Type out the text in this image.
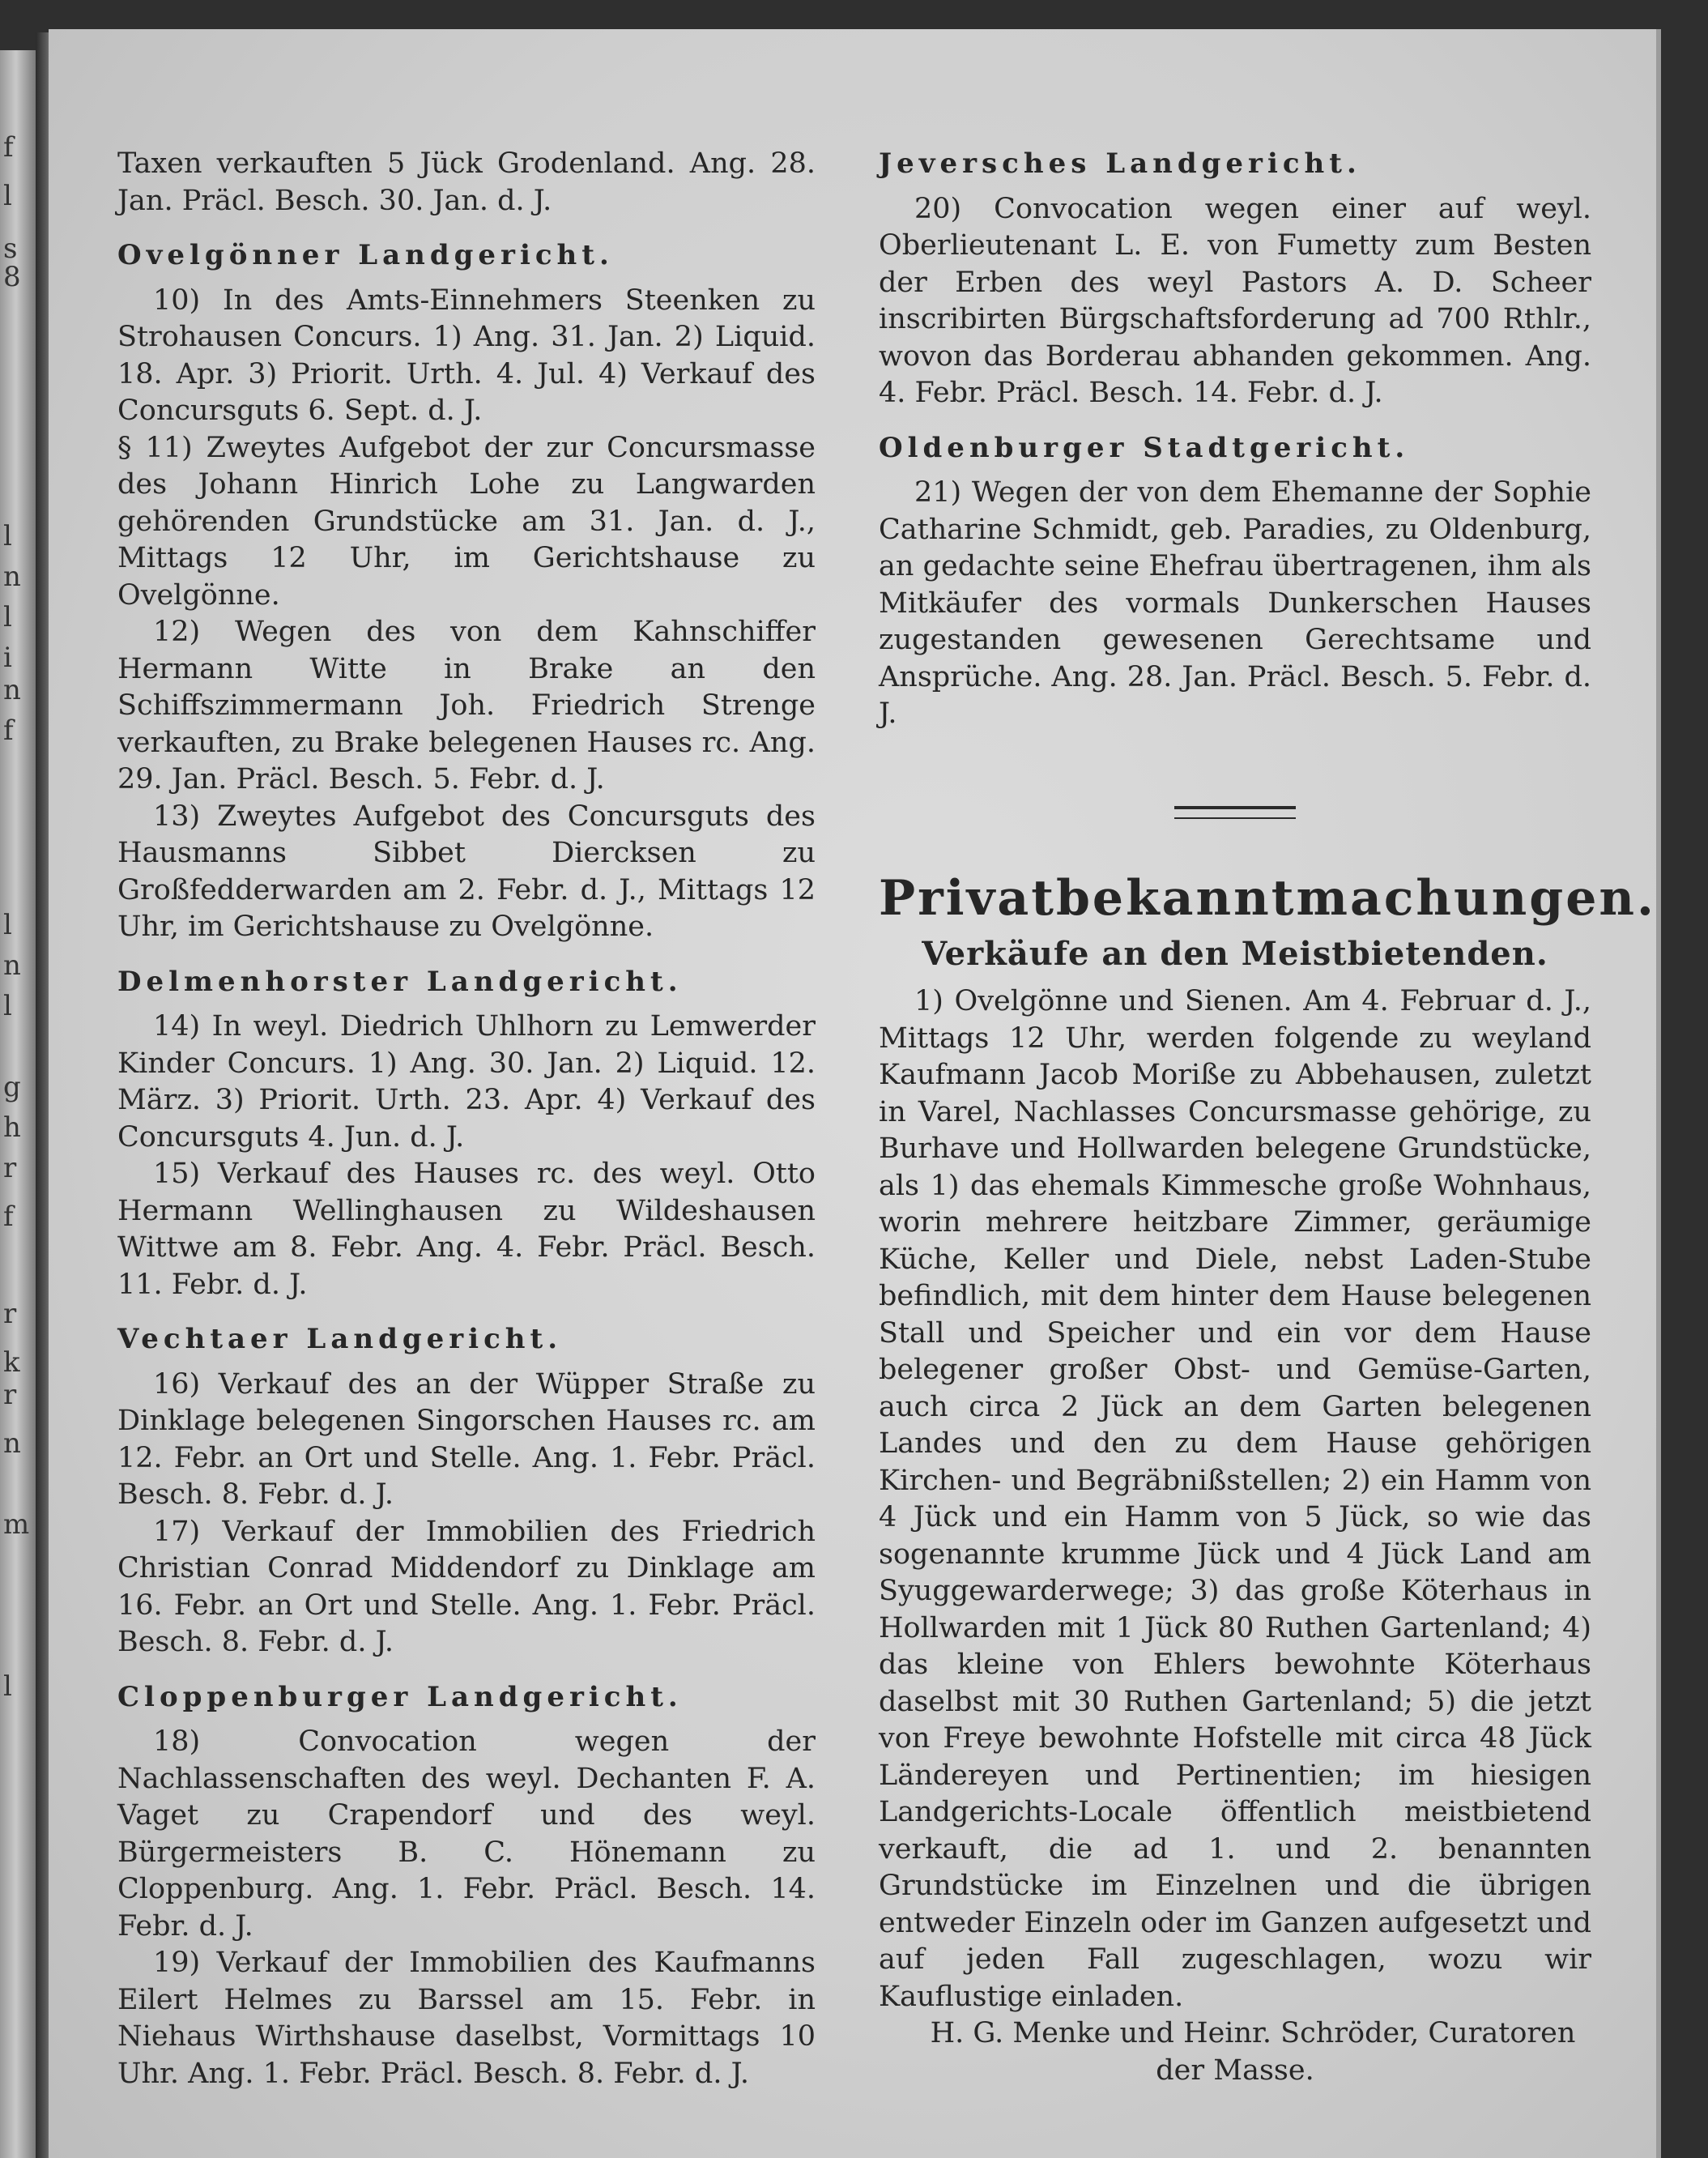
f
l
s
8
l
n
l
i
n
f
l
n
l
g
h
r
f
r
k
r
n
m
l

Taxen verkauften 5 Jück Grodenland. Ang. 28. Jan. Präcl. Besch. 30. Jan. d. J.

Ovelgönner Landgericht.

10) In des Amts-Einnehmers Steenken zu Strohausen Concurs. 1) Ang. 31. Jan. 2) Liquid. 18. Apr. 3) Priorit. Urth. 4. Jul. 4) Verkauf des Concursguts 6. Sept. d. J.

§ 11) Zweytes Aufgebot der zur Concursmasse des Johann Hinrich Lohe zu Langwarden gehörenden Grundstücke am 31. Jan. d. J., Mittags 12 Uhr, im Gerichtshause zu Ovelgönne.

12) Wegen des von dem Kahnschiffer Hermann Witte in Brake an den Schiffszimmermann Joh. Friedrich Strenge verkauften, zu Brake belegenen Hauses rc. Ang. 29. Jan. Präcl. Besch. 5. Febr. d. J.

13) Zweytes Aufgebot des Concursguts des Hausmanns Sibbet Diercksen zu Großfedderwarden am 2. Febr. d. J., Mittags 12 Uhr, im Gerichtshause zu Ovelgönne.

Delmenhorster Landgericht.

14) In weyl. Diedrich Uhlhorn zu Lemwerder Kinder Concurs. 1) Ang. 30. Jan. 2) Liquid. 12. März. 3) Priorit. Urth. 23. Apr. 4) Verkauf des Concursguts 4. Jun. d. J.

15) Verkauf des Hauses rc. des weyl. Otto Hermann Wellinghausen zu Wildeshausen Wittwe am 8. Febr. Ang. 4. Febr. Präcl. Besch. 11. Febr. d. J.

Vechtaer Landgericht.

16) Verkauf des an der Wüpper Straße zu Dinklage belegenen Singorschen Hauses rc. am 12. Febr. an Ort und Stelle. Ang. 1. Febr. Präcl. Besch. 8. Febr. d. J.

17) Verkauf der Immobilien des Friedrich Christian Conrad Middendorf zu Dinklage am 16. Febr. an Ort und Stelle. Ang. 1. Febr. Präcl. Besch. 8. Febr. d. J.

Cloppenburger Landgericht.

18) Convocation wegen der Nachlassenschaften des weyl. Dechanten F. A. Vaget zu Crapendorf und des weyl. Bürgermeisters B. C. Hönemann zu Cloppenburg. Ang. 1. Febr. Präcl. Besch. 14. Febr. d. J.

19) Verkauf der Immobilien des Kaufmanns Eilert Helmes zu Barssel am 15. Febr. in Niehaus Wirthshause daselbst, Vormittags 10 Uhr. Ang. 1. Febr. Präcl. Besch. 8. Febr. d. J.

Jeversches Landgericht.

20) Convocation wegen einer auf weyl. Oberlieutenant L. E. von Fumetty zum Besten der Erben des weyl Pastors A. D. Scheer inscribirten Bürgschaftsforderung ad 700 Rthlr., wovon das Borderau abhanden gekommen. Ang. 4. Febr. Präcl. Besch. 14. Febr. d. J.

Oldenburger Stadtgericht.

21) Wegen der von dem Ehemanne der Sophie Catharine Schmidt, geb. Paradies, zu Oldenburg, an gedachte seine Ehefrau übertragenen, ihm als Mitkäufer des vormals Dunkerschen Hauses zugestanden gewesenen Gerechtsame und Ansprüche. Ang. 28. Jan. Präcl. Besch. 5. Febr. d. J.

Privatbekanntmachungen.
Verkäufe an den Meistbietenden.

1) Ovelgönne und Sienen. Am 4. Februar d. J., Mittags 12 Uhr, werden folgende zu weyland Kaufmann Jacob Moriße zu Abbehausen, zuletzt in Varel, Nachlasses Concursmasse gehörige, zu Burhave und Hollwarden belegene Grundstücke, als 1) das ehemals Kimmesche große Wohnhaus, worin mehrere heitzbare Zimmer, geräumige Küche, Keller und Diele, nebst Laden-Stube befindlich, mit dem hinter dem Hause belegenen Stall und Speicher und ein vor dem Hause belegener großer Obst- und Gemüse-Garten, auch circa 2 Jück an dem Garten belegenen Landes und den zu dem Hause gehörigen Kirchen- und Begräbnißstellen; 2) ein Hamm von 4 Jück und ein Hamm von 5 Jück, so wie das sogenannte krumme Jück und 4 Jück Land am Syuggewarderwege; 3) das große Köterhaus in Hollwarden mit 1 Jück 80 Ruthen Gartenland; 4) das kleine von Ehlers bewohnte Köterhaus daselbst mit 30 Ruthen Gartenland; 5) die jetzt von Freye bewohnte Hofstelle mit circa 48 Jück Ländereyen und Pertinentien; im hiesigen Landgerichts-Locale öffentlich meistbietend verkauft, die ad 1. und 2. benannten Grundstücke im Einzelnen und die übrigen entweder Einzeln oder im Ganzen aufgesetzt und auf jeden Fall zugeschlagen, wozu wir Kauflustige einladen.

H. G. Menke und Heinr. Schröder, Curatoren der Masse.
